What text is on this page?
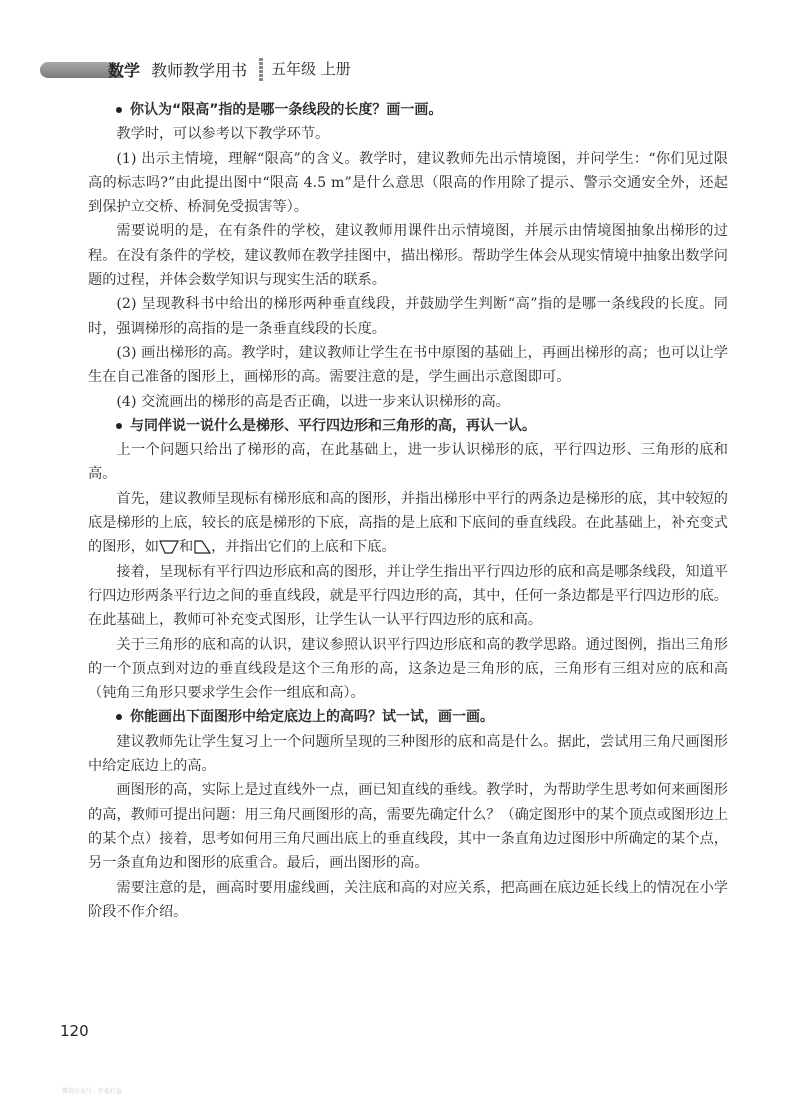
数学 教师教学用书 五年级 上册

你认为“限高”指的是哪一条线段的长度？画一画。

教学时，可以参考以下教学环节。

(1) 出示主情境，理解“限高”的含义。教学时，建议教师先出示情境图，并问学生：“你们见过限高的标志吗?”由此提出图中“限高 4.5 m”是什么意思（限高的作用除了提示、警示交通安全外，还起到保护立交桥、桥洞免受损害等）。

需要说明的是，在有条件的学校，建议教师用课件出示情境图，并展示由情境图抽象出梯形的过程。在没有条件的学校，建议教师在教学挂图中，描出梯形。帮助学生体会从现实情境中抽象出数学问题的过程，并体会数学知识与现实生活的联系。

(2) 呈现教科书中给出的梯形两种垂直线段，并鼓励学生判断“高”指的是哪一条线段的长度。同时，强调梯形的高指的是一条垂直线段的长度。

(3) 画出梯形的高。教学时，建议教师让学生在书中原图的基础上，再画出梯形的高；也可以让学生在自己准备的图形上，画梯形的高。需要注意的是，学生画出示意图即可。

(4) 交流画出的梯形的高是否正确，以进一步来认识梯形的高。

与同伴说一说什么是梯形、平行四边形和三角形的高，再认一认。

上一个问题只给出了梯形的高，在此基础上，进一步认识梯形的底，平行四边形、三角形的底和高。

首先，建议教师呈现标有梯形底和高的图形，并指出梯形中平行的两条边是梯形的底，其中较短的底是梯形的上底，较长的底是梯形的下底，高指的是上底和下底间的垂直线段。在此基础上，补充变式的图形，如 和 ，并指出它们的上底和下底。

接着，呈现标有平行四边形底和高的图形，并让学生指出平行四边形的底和高是哪条线段，知道平行四边形两条平行边之间的垂直线段，就是平行四边形的高，其中，任何一条边都是平行四边形的底。在此基础上，教师可补充变式图形，让学生认一认平行四边形的底和高。

关于三角形的底和高的认识，建议参照认识平行四边形底和高的教学思路。通过图例，指出三角形的一个顶点到对边的垂直线段是这个三角形的高，这条边是三角形的底，三角形有三组对应的底和高（钝角三角形只要求学生会作一组底和高）。

你能画出下面图形中给定底边上的高吗？试一试，画一画。

建议教师先让学生复习上一个问题所呈现的三种图形的底和高是什么。据此，尝试用三角尺画图形中给定底边上的高。

画图形的高，实际上是过直线外一点，画已知直线的垂线。教学时，为帮助学生思考如何来画图形的高，教师可提出问题：用三角尺画图形的高，需要先确定什么？（确定图形中的某个顶点或图形边上的某个点）接着，思考如何用三角尺画出底上的垂直线段，其中一条直角边过图形中所确定的某个点，另一条直角边和图形的底重合。最后，画出图形的高。

需要注意的是，画高时要用虚线画，关注底和高的对应关系，把高画在底边延长线上的情况在小学阶段不作介绍。

120
微信公众号 · 开卷有益
